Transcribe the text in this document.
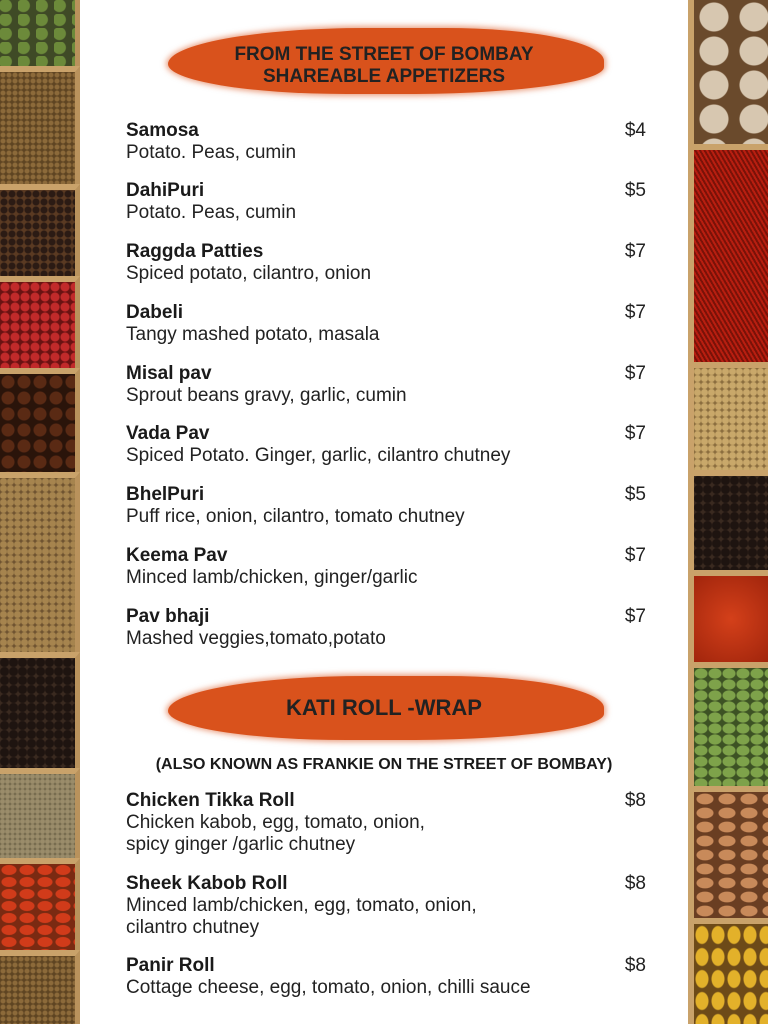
FROM THE STREET OF BOMBAY
SHAREABLE APPETIZERS
Samosa
Potato. Peas, cumin
$4
DahiPuri
Potato. Peas, cumin
$5
Raggda Patties
Spiced potato, cilantro, onion
$7
Dabeli
Tangy mashed potato, masala
$7
Misal pav
Sprout beans gravy, garlic, cumin
$7
Vada Pav
Spiced Potato. Ginger, garlic, cilantro chutney
$7
BhelPuri
Puff rice, onion, cilantro, tomato chutney
$5
Keema Pav
Minced lamb/chicken, ginger/garlic
$7
Pav bhaji
Mashed veggies,tomato,potato
$7
KATI ROLL -WRAP
(ALSO KNOWN AS FRANKIE ON THE STREET OF BOMBAY)
Chicken Tikka Roll
Chicken kabob, egg, tomato, onion,
spicy ginger /garlic chutney
$8
Sheek Kabob Roll
Minced lamb/chicken, egg, tomato, onion,
cilantro chutney
$8
Panir Roll
Cottage cheese, egg, tomato, onion, chilli sauce
$8
